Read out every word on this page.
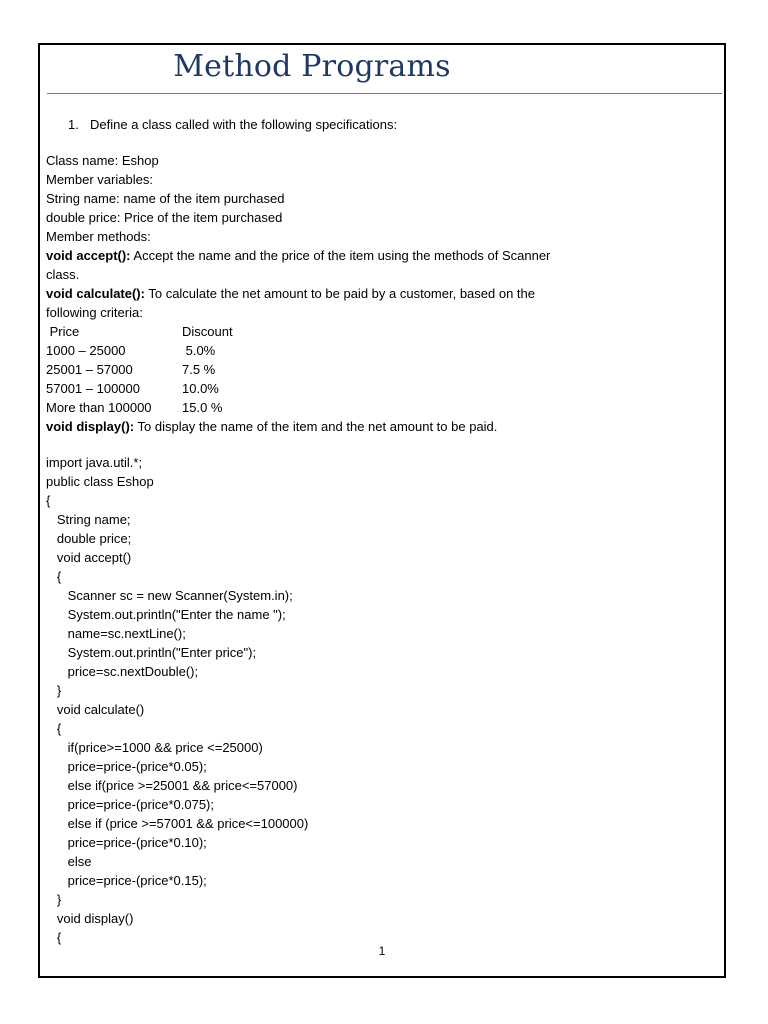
Method Programs
1. Define a class called with the following specifications:
Class name: Eshop
Member variables:
String name: name of the item purchased
double price: Price of the item purchased
Member methods:
void accept(): Accept the name and the price of the item using the methods of Scanner
class.
void calculate(): To calculate the net amount to be paid by a customer, based on the
following criteria:
Price	Discount
1000 – 25000	5.0%
25001 – 57000	7.5 %
57001 – 100000	10.0%
More than 100000 15.0 %
void display(): To display the name of the item and the net amount to be paid.
import java.util.*;
public class Eshop
{
String name;
double price;
void accept()
{
Scanner sc = new Scanner(System.in);
System.out.println("Enter the name ");
name=sc.nextLine();
System.out.println("Enter price");
price=sc.nextDouble();
}
void calculate()
{
if(price>=1000 && price <=25000)
price=price-(price*0.05);
else if(price >=25001 && price<=57000)
price=price-(price*0.075);
else if (price >=57001 && price<=100000)
price=price-(price*0.10);
else
price=price-(price*0.15);
}
void display()
{
1
